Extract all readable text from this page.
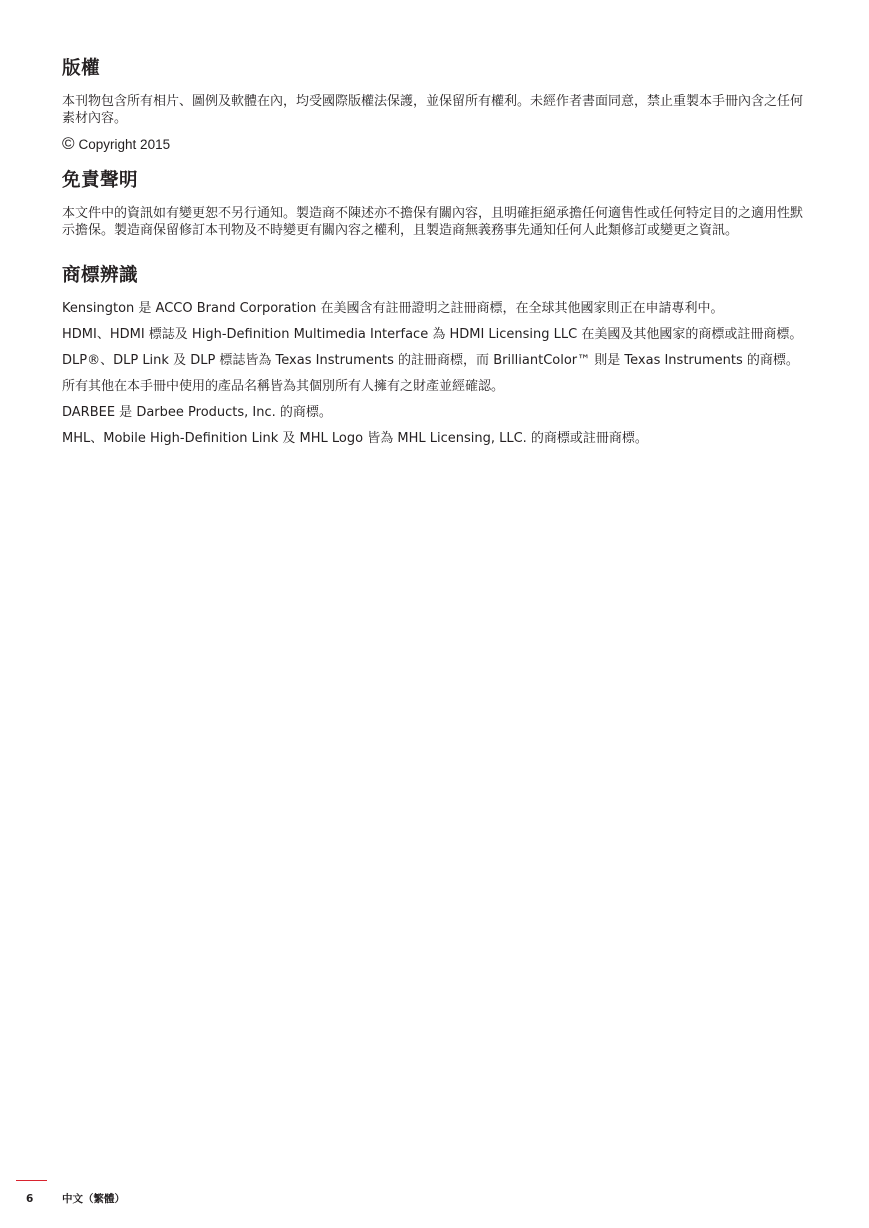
版權

本刊物包含所有相片、圖例及軟體在內，均受國際版權法保護，並保留所有權利。未經作者書面同意，禁止重製本手冊內含之任何素材內容。

© Copyright 2015
免責聲明

本文件中的資訊如有變更恕不另行通知。製造商不陳述亦不擔保有關內容，且明確拒絕承擔任何適售性或任何特定目的之適用性默示擔保。製造商保留修訂本刊物及不時變更有關內容之權利，且製造商無義務事先通知任何人此類修訂或變更之資訊。

商標辨識

Kensington 是 ACCO Brand Corporation 在美國含有註冊證明之註冊商標，在全球其他國家則正在申請專利中。

HDMI、HDMI 標誌及 High-Definition Multimedia Interface 為 HDMI Licensing LLC 在美國及其他國家的商標或註冊商標。

DLP®、DLP Link 及 DLP 標誌皆為 Texas Instruments 的註冊商標，而 BrilliantColor™ 則是 Texas Instruments 的商標。

所有其他在本手冊中使用的產品名稱皆為其個別所有人擁有之財產並經確認。

DARBEE 是 Darbee Products, Inc. 的商標。

MHL、Mobile High-Definition Link 及 MHL Logo 皆為 MHL Licensing, LLC. 的商標或註冊商標。

6	中文（繁體）
